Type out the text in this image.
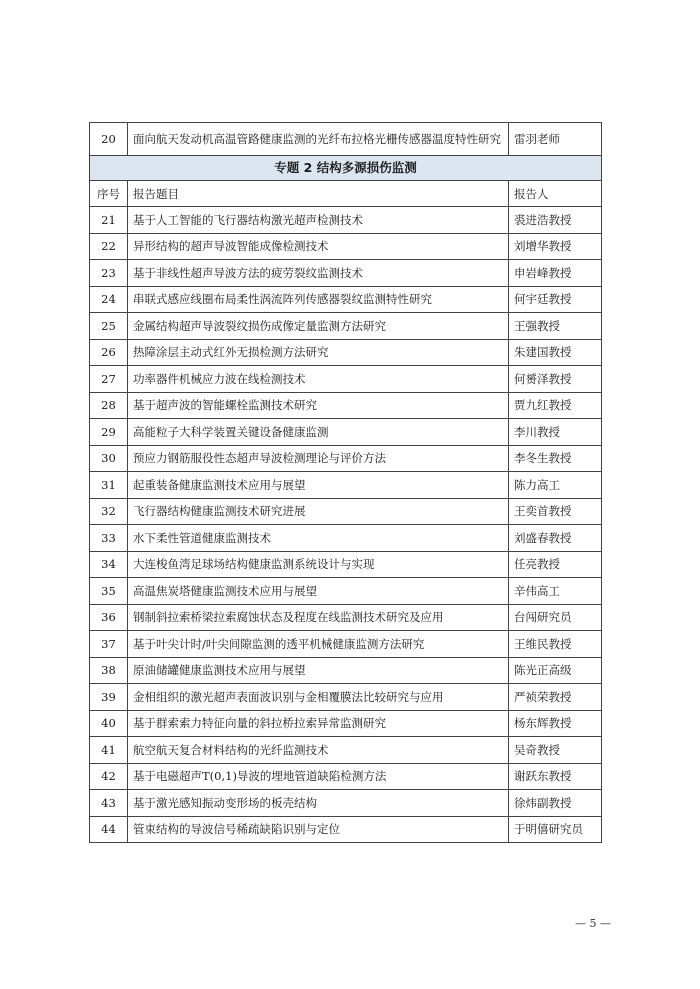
20	面向航天发动机高温管路健康监测的光纤布拉格光栅传感器温度特性研究	雷羽老师
专题 2 结构多源损伤监测		
序号	报告题目	报告人
21	基于人工智能的飞行器结构激光超声检测技术	裘进浩教授
22	异形结构的超声导波智能成像检测技术	刘增华教授
23	基于非线性超声导波方法的疲劳裂纹监测技术	申岩峰教授
24	串联式感应线圈布局柔性涡流阵列传感器裂纹监测特性研究	何宇廷教授
25	金属结构超声导波裂纹损伤成像定量监测方法研究	王强教授
26	热障涂层主动式红外无损检测方法研究	朱建国教授
27	功率器件机械应力波在线检测技术	何赟泽教授
28	基于超声波的智能螺栓监测技术研究	贾九红教授
29	高能粒子大科学装置关键设备健康监测	李川教授
30	预应力钢筋服役性态超声导波检测理论与评价方法	李冬生教授
31	起重装备健康监测技术应用与展望	陈力高工
32	飞行器结构健康监测技术研究进展	王奕首教授
33	水下柔性管道健康监测技术	刘盛春教授
34	大连梭鱼湾足球场结构健康监测系统设计与实现	任亮教授
35	高温焦炭塔健康监测技术应用与展望	辛伟高工
36	钢制斜拉索桥梁拉索腐蚀状态及程度在线监测技术研究及应用	台闯研究员
37	基于叶尖计时/叶尖间隙监测的透平机械健康监测方法研究	王维民教授
38	原油储罐健康监测技术应用与展望	陈光正高级
39	金相组织的激光超声表面波识别与金相覆膜法比较研究与应用	严祯荣教授
40	基于群索索力特征向量的斜拉桥拉索异常监测研究	杨东辉教授
41	航空航天复合材料结构的光纤监测技术	吴奇教授
42	基于电磁超声T(0,1)导波的埋地管道缺陷检测方法	谢跃东教授
43	基于激光感知振动变形场的板壳结构	徐炜副教授
44	管束结构的导波信号稀疏缺陷识别与定位	于明僖研究员
— 5 —
